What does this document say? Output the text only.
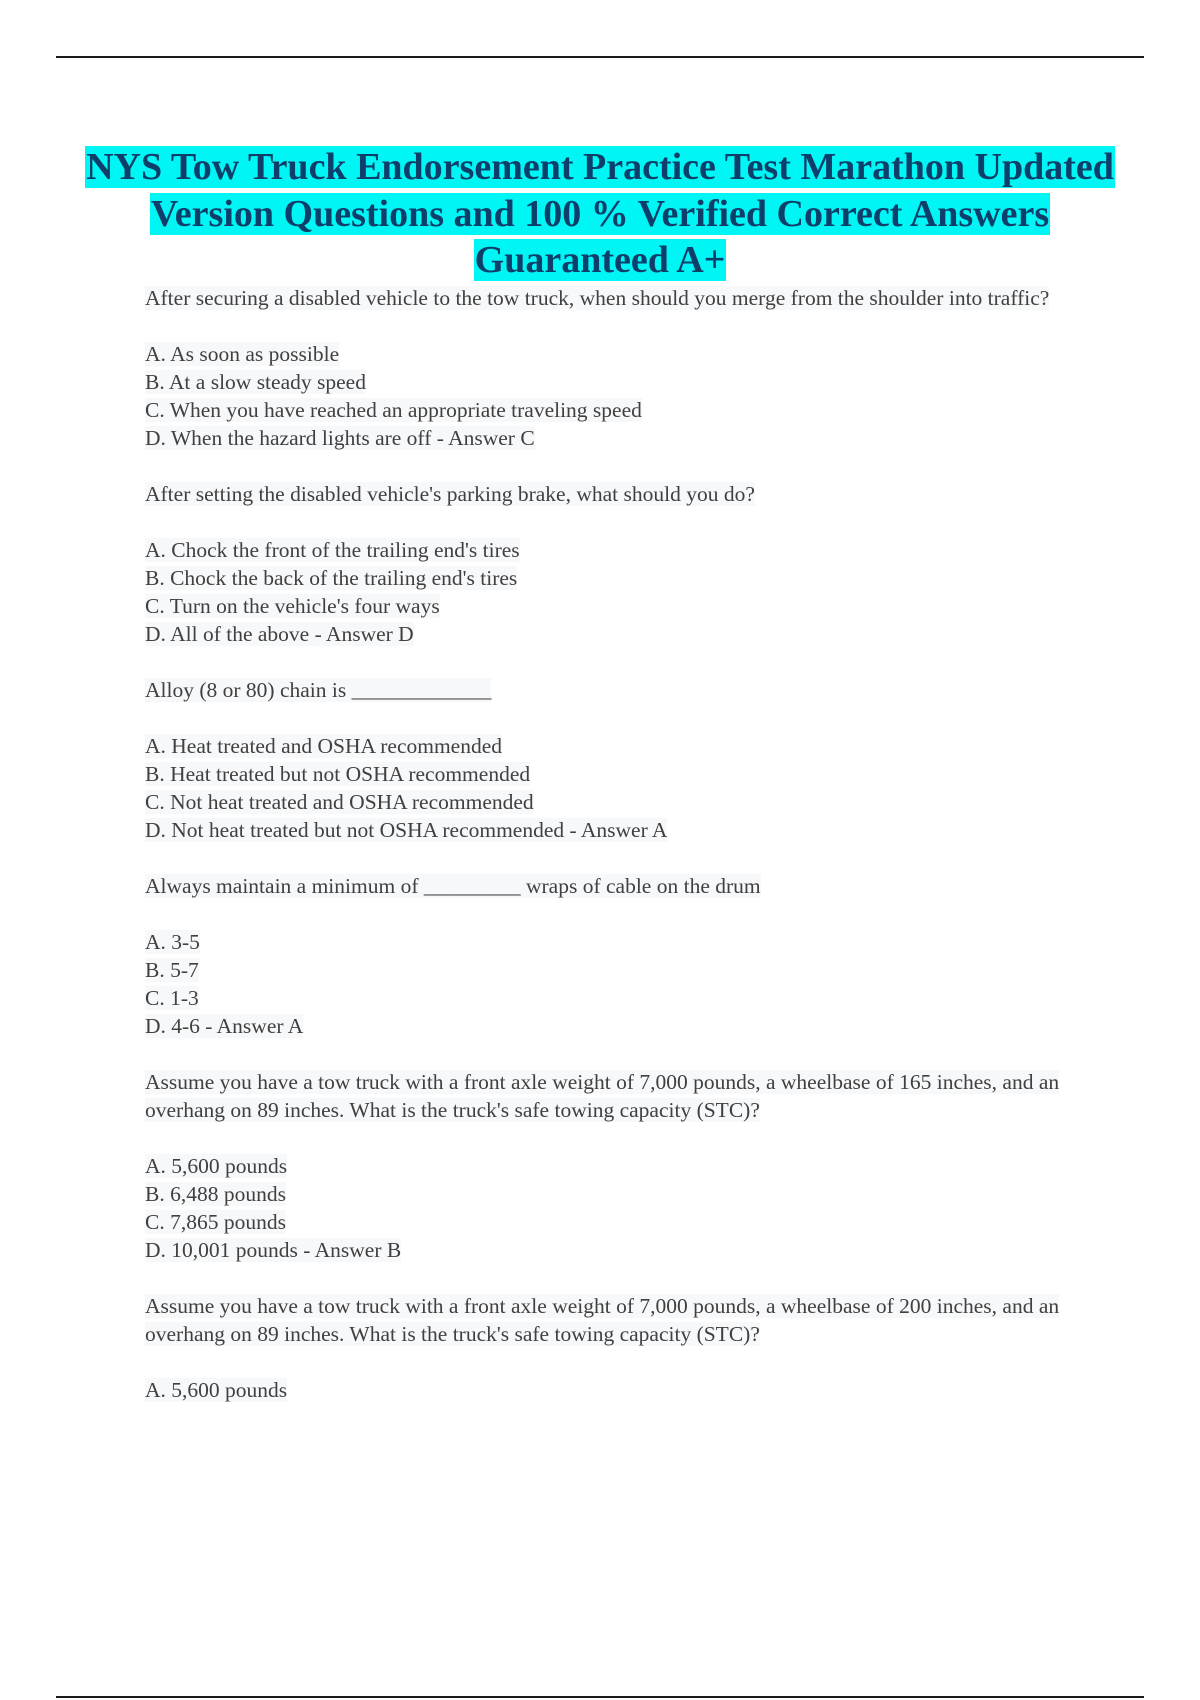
NYS Tow Truck Endorsement Practice Test Marathon Updated Version Questions and 100 % Verified Correct Answers Guaranteed A+

After securing a disabled vehicle to the tow truck, when should you merge from the shoulder into traffic?

A. As soon as possible

B. At a slow steady speed

C. When you have reached an appropriate traveling speed

D. When the hazard lights are off - Answer C

After setting the disabled vehicle's parking brake, what should you do?

A. Chock the front of the trailing end's tires

B. Chock the back of the trailing end's tires

C. Turn on the vehicle's four ways

D. All of the above - Answer D

Alloy (8 or 80) chain is _____________

A. Heat treated and OSHA recommended

B. Heat treated but not OSHA recommended

C. Not heat treated and OSHA recommended

D. Not heat treated but not OSHA recommended - Answer A

Always maintain a minimum of _________ wraps of cable on the drum

A. 3-5

B. 5-7

C. 1-3

D. 4-6 - Answer A

Assume you have a tow truck with a front axle weight of 7,000 pounds, a wheelbase of 165 inches, and an overhang on 89 inches. What is the truck's safe towing capacity (STC)?

A. 5,600 pounds

B. 6,488 pounds

C. 7,865 pounds

D. 10,001 pounds - Answer B

Assume you have a tow truck with a front axle weight of 7,000 pounds, a wheelbase of 200 inches, and an overhang on 89 inches. What is the truck's safe towing capacity (STC)?

A. 5,600 pounds
